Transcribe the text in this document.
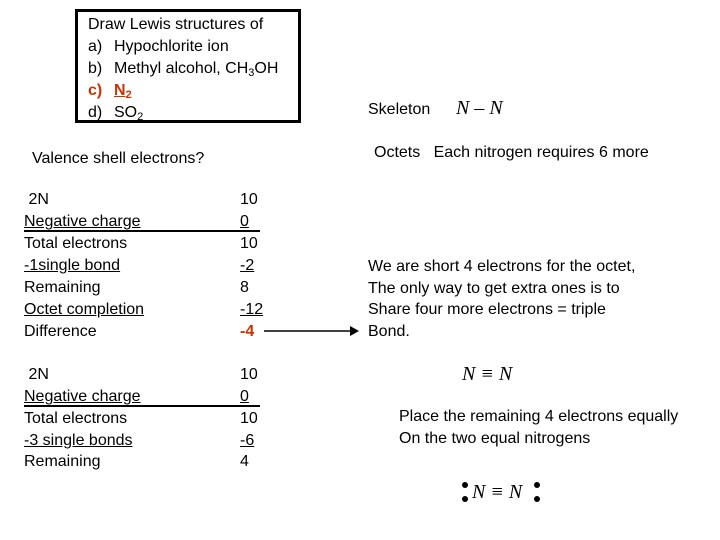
Draw Lewis structures of
a) Hypochlorite ion
b) Methyl alcohol, $CH_3OH$
c) $N_2$
d) $SO_2$	Skeleton N – N
Valence shell electrons?	Octets   Each nitrogen requires 6 more
2N	10
Negative charge	0
Total electrons	10
-1single bond	-2
Remaining	8
Octet completion	-12
Difference	-4
We are short 4 electrons for the octet,
The only way to get extra ones is to
Share four more electrons = triple
Bond.
N ≡ N
2N	10
Negative charge	0
Total electrons	10
-3 single bonds	-6
Remaining	4
Place the remaining 4 electrons equally
On the two equal nitrogens
N ≡ N
